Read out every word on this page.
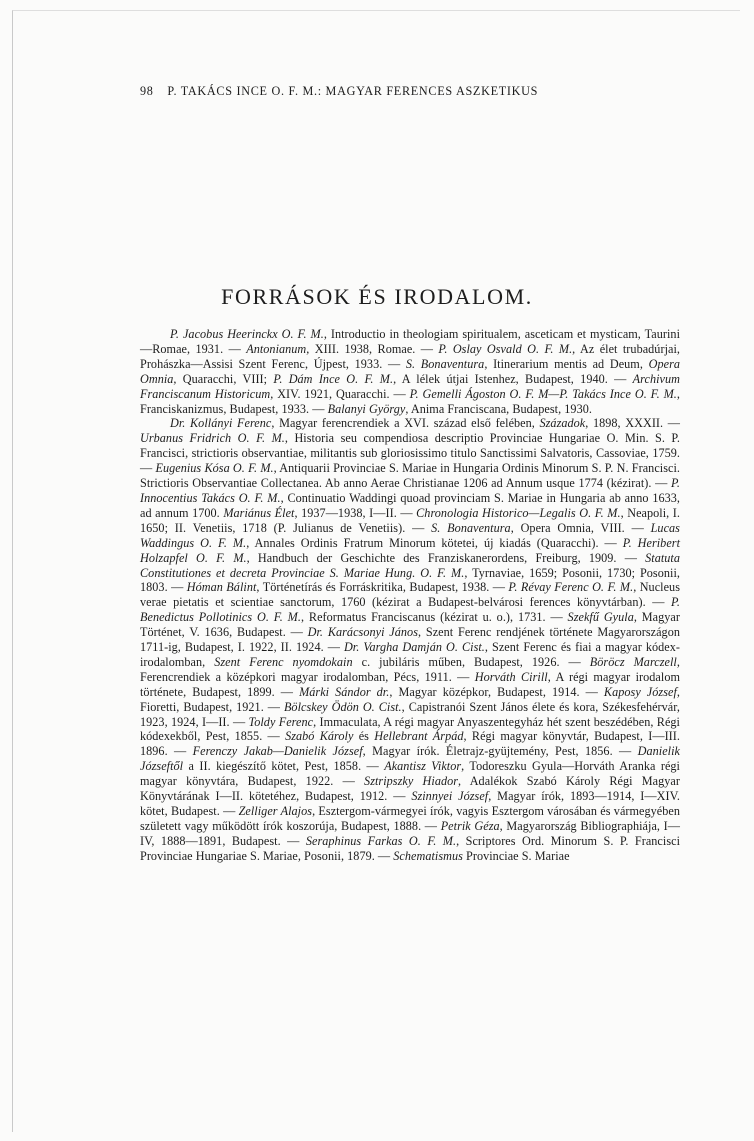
98 P. TAKÁCS INCE O. F. M.: MAGYAR FERENCES ASZKETIKUS
FORRÁSOK ÉS IRODALOM.

P. Jacobus Heerinckx O. F. M., Introductio in theologiam spiritualem, asceticam et mysticam, Taurini—Romae, 1931. — Antonianum, XIII. 1938, Romae. — P. Oslay Osvald O. F. M., Az élet trubadúrjai, Prohászka—Assisi Szent Ferenc, Újpest, 1933. — S. Bonaventura, Itinerarium mentis ad Deum, Opera Omnia, Quaracchi, VIII; P. Dám Ince O. F. M., A lélek útjai Istenhez, Budapest, 1940. — Archivum Franciscanum Historicum, XIV. 1921, Quaracchi. — P. Gemelli Ágoston O. F. M—P. Takács Ince O. F. M., Franciskanizmus, Budapest, 1933. — Balanyi György, Anima Franciscana, Budapest, 1930.

Dr. Kollányi Ferenc, Magyar ferencrendiek a XVI. század első felében, Századok, 1898, XXXII. — Urbanus Fridrich O. F. M., Historia seu compendiosa descriptio Provinciae Hungariae O. Min. S. P. Francisci, strictioris observantiae, militantis sub gloriosissimo titulo Sanctissimi Salvatoris, Cassoviae, 1759. — Eugenius Kósa O. F. M., Antiquarii Provinciae S. Mariae in Hungaria Ordinis Minorum S. P. N. Francisci. Strictioris Observantiae Collectanea. Ab anno Aerae Christianae 1206 ad Annum usque 1774 (kézirat). — P. Innocentius Takács O. F. M., Continuatio Waddingi quoad provinciam S. Mariae in Hungaria ab anno 1633, ad annum 1700. Mariánus Élet, 1937—1938, I—II. — Chronologia Historico—Legalis O. F. M., Neapoli, I. 1650; II. Venetiis, 1718 (P. Julianus de Venetiis). — S. Bonaventura, Opera Omnia, VIII. — Lucas Waddingus O. F. M., Annales Ordinis Fratrum Minorum kötetei, új kiadás (Quaracchi). — P. Heribert Holzapfel O. F. M., Handbuch der Geschichte des Franziskanerordens, Freiburg, 1909. — Statuta Constitutiones et decreta Provinciae S. Mariae Hung. O. F. M., Tyrnaviae, 1659; Posonii, 1730; Posonii, 1803. — Hóman Bálint, Történetírás és Forráskritika, Budapest, 1938. — P. Révay Ferenc O. F. M., Nucleus verae pietatis et scientiae sanctorum, 1760 (kézirat a Budapest-belvárosi ferences könyvtárban). — P. Benedictus Pollotinics O. F. M., Reformatus Franciscanus (kézirat u. o.), 1731. — Szekfű Gyula, Magyar Történet, V. 1636, Budapest. — Dr. Karácsonyi János, Szent Ferenc rendjének története Magyarországon 1711-ig, Budapest, I. 1922, II. 1924. — Dr. Vargha Damján O. Cist., Szent Ferenc és fiai a magyar kódex-irodalomban, Szent Ferenc nyomdokain c. jubiláris műben, Budapest, 1926. — Böröcz Marczell, Ferencrendiek a középkori magyar irodalomban, Pécs, 1911. — Horváth Cirill, A régi magyar irodalom története, Budapest, 1899. — Márki Sándor dr., Magyar középkor, Budapest, 1914. — Kaposy József, Fioretti, Budapest, 1921. — Bölcskey Ödön O. Cist., Capistranói Szent János élete és kora, Székesfehérvár, 1923, 1924, I—II. — Toldy Ferenc, Immaculata, A régi magyar Anyaszentegyház hét szent beszédében, Régi kódexekből, Pest, 1855. — Szabó Károly és Hellebrant Árpád, Régi magyar könyvtár, Budapest, I—III. 1896. — Ferenczy Jakab—Danielik József, Magyar írók. Életrajz-gyüjtemény, Pest, 1856. — Danielik Józseftől a II. kiegészítő kötet, Pest, 1858. — Akantisz Viktor, Todoreszku Gyula—Horváth Aranka régi magyar könyvtára, Budapest, 1922. — Sztripszky Hiador, Adalékok Szabó Károly Régi Magyar Könyvtárának I—II. kötetéhez, Budapest, 1912. — Szinnyei József, Magyar írók, 1893—1914, I—XIV. kötet, Budapest. — Zelliger Alajos, Esztergom-vármegyei írók, vagyis Esztergom városában és vármegyében született vagy működött írók koszorúja, Budapest, 1888. — Petrik Géza, Magyarország Bibliographiája, I—IV, 1888—1891, Budapest. — Seraphinus Farkas O. F. M., Scriptores Ord. Minorum S. P. Francisci Provinciae Hungariae S. Mariae, Posonii, 1879. — Schematismus Provinciae S. Mariae
